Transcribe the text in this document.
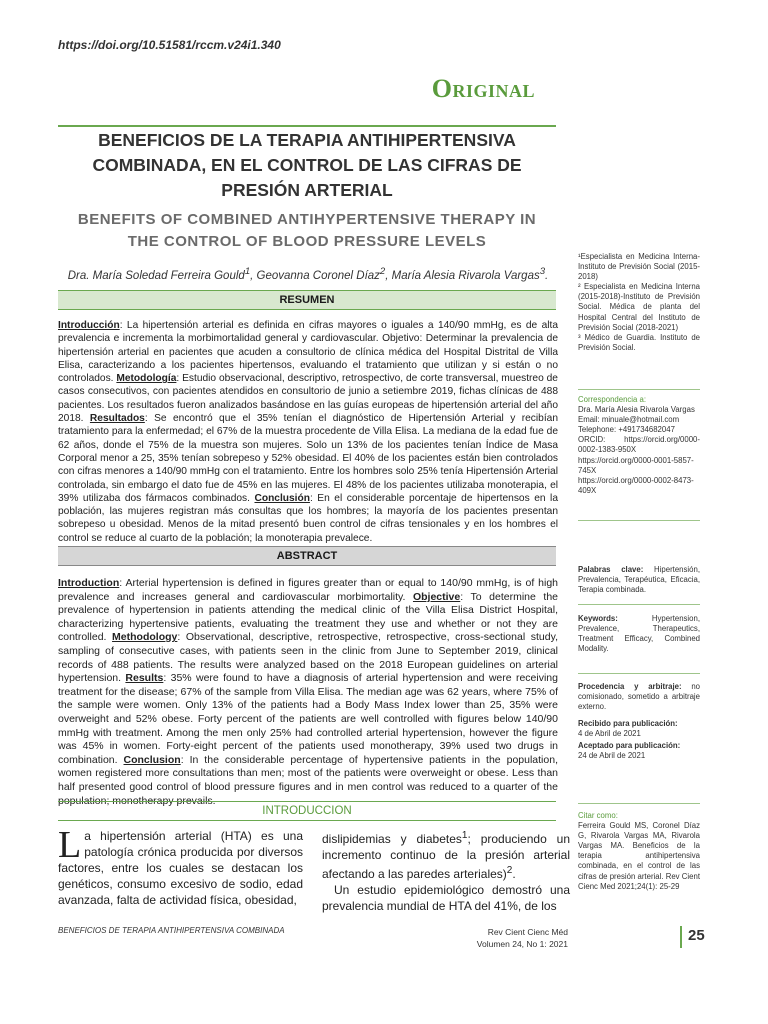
https://doi.org/10.51581/rccm.v24i1.340
Original
BENEFICIOS DE LA TERAPIA ANTIHIPERTENSIVA
COMBINADA, EN EL CONTROL DE LAS CIFRAS DE
PRESIÓN ARTERIAL
BENEFITS OF COMBINED ANTIHYPERTENSIVE THERAPY IN
THE CONTROL OF BLOOD PRESSURE LEVELS
Dra. María Soledad Ferreira Gould$^1$, Geovanna Coronel Díaz$^2$, María Alesia Rivarola Vargas$^3$.
RESUMEN
Introducción: La hipertensión arterial es definida en cifras mayores o iguales a 140/90 mmHg, es de alta prevalencia e incrementa la morbimortalidad general y cardiovascular. Objetivo: Determinar la prevalencia de hipertensión arterial en pacientes que acuden a consultorio de clínica médica del Hospital Distrital de Villa Elisa, caracterizando a los pacientes hipertensos, evaluando el tratamiento que utilizan y si están o no controlados. Metodología: Estudio observacional, descriptivo, retrospectivo, de corte transversal, muestreo de casos consecutivos, con pacientes atendidos en consultorio de junio a setiembre 2019, fichas clínicas de 488 pacientes. Los resultados fueron analizados basándose en las guías europeas de hipertensión arterial del año 2018. Resultados: Se encontró que el 35% tenían el diagnóstico de Hipertensión Arterial y recibían tratamiento para la enfermedad; el 67% de la muestra procedente de Villa Elisa. La mediana de la edad fue de 62 años, donde el 75% de la muestra son mujeres. Solo un 13% de los pacientes tenían Índice de Masa Corporal menor a 25, 35% tenían sobrepeso y 52% obesidad. El 40% de los pacientes están bien controlados con cifras menores a 140/90 mmHg con el tratamiento. Entre los hombres solo 25% tenía Hipertensión Arterial controlada, sin embargo el dato fue de 45% en las mujeres. El 48% de los pacientes utilizaba monoterapia, el 39% utilizaba dos fármacos combinados. Conclusión: En el considerable porcentaje de hipertensos en la población, las mujeres registran más consultas que los hombres; la mayoría de los pacientes presentan sobrepeso u obesidad. Menos de la mitad presentó buen control de cifras tensionales y en los hombres el control se reduce al cuarto de la población; la monoterapia prevalece.
ABSTRACT
Introduction: Arterial hypertension is defined in figures greater than or equal to 140/90 mmHg, is of high prevalence and increases general and cardiovascular morbimortality. Objective: To determine the prevalence of hypertension in patients attending the medical clinic of the Villa Elisa District Hospital, characterizing hypertensive patients, evaluating the treatment they use and whether or not they are controlled. Methodology: Observational, descriptive, retrospective, retrospective, cross-sectional study, sampling of consecutive cases, with patients seen in the clinic from June to September 2019, clinical records of 488 patients. The results were analyzed based on the 2018 European guidelines on arterial hypertension. Results: 35% were found to have a diagnosis of arterial hypertension and were receiving treatment for the disease; 67% of the sample from Villa Elisa. The median age was 62 years, where 75% of the sample were women. Only 13% of the patients had a Body Mass Index lower than 25, 35% were overweight and 52% obese. Forty percent of the patients are well controlled with figures below 140/90 mmHg with treatment. Among the men only 25% had controlled arterial hypertension, however the figure was 45% in women. Forty-eight percent of the patients used monotherapy, 39% used two drugs in combination. Conclusion: In the considerable percentage of hypertensive patients in the population, women registered more consultations than men; most of the patients were overweight or obese. Less than half presented good control of blood pressure figures and in men control was reduced to a quarter of the population; monotherapy prevails.
INTRODUCCION
La hipertensión arterial (HTA) es una patología crónica producida por diversos factores, entre los cuales se destacan los genéticos, consumo excesivo de sodio, edad avanzada, falta de actividad física, obesidad,
dislipidemias y diabetes$^1$; produciendo un incremento continuo de la presión arterial afectando a las paredes arteriales)$^2$.
Un estudio epidemiológico demostró una prevalencia mundial de HTA del 41%, de los
¹Especialista en Medicina Interna-Instituto de Previsión Social (2015-2018)
² Especialista en Medicina Interna (2015-2018)-Instituto de Previsión Social. Médica de planta del Hospital Central del Instituto de Previsión Social (2018-2021)
³ Médico de Guardia. Instituto de Previsión Social.
Correspondencia a:
Dra. María Alesia Rivarola Vargas
Email: minuale@hotmail.com
Telephone: +491734682047
ORCID: https://orcid.org/0000-0002-1383-950X
https://orcid.org/0000-0001-5857-745X
https://orcid.org/0000-0002-8473-409X
Palabras clave: Hipertensión, Prevalencia, Terapéutica, Eficacia, Terapia combinada.
Keywords:	Hypertension, Prevalence, Therapeutics, Treatment Efficacy, Combined Modality.
Procedencia y arbitraje: no comisionado, sometido a arbitraje externo.
Recibido para publicación:
4 de Abril de 2021
Aceptado para publicación:
24 de Abril de 2021
Citar como:
Ferreira Gould MS, Coronel Díaz G, Rivarola Vargas MA, Rivarola Vargas MA. Beneficios de la terapia antihipertensiva combinada, en el control de las cifras de presión arterial. Rev Cient Cienc Med 2021;24(1): 25-29
BENEFICIOS DE TERAPIA ANTIHIPERTENSIVA COMBINADA	Rev Cient Cienc Méd
Volumen 24, No 1: 2021	25
